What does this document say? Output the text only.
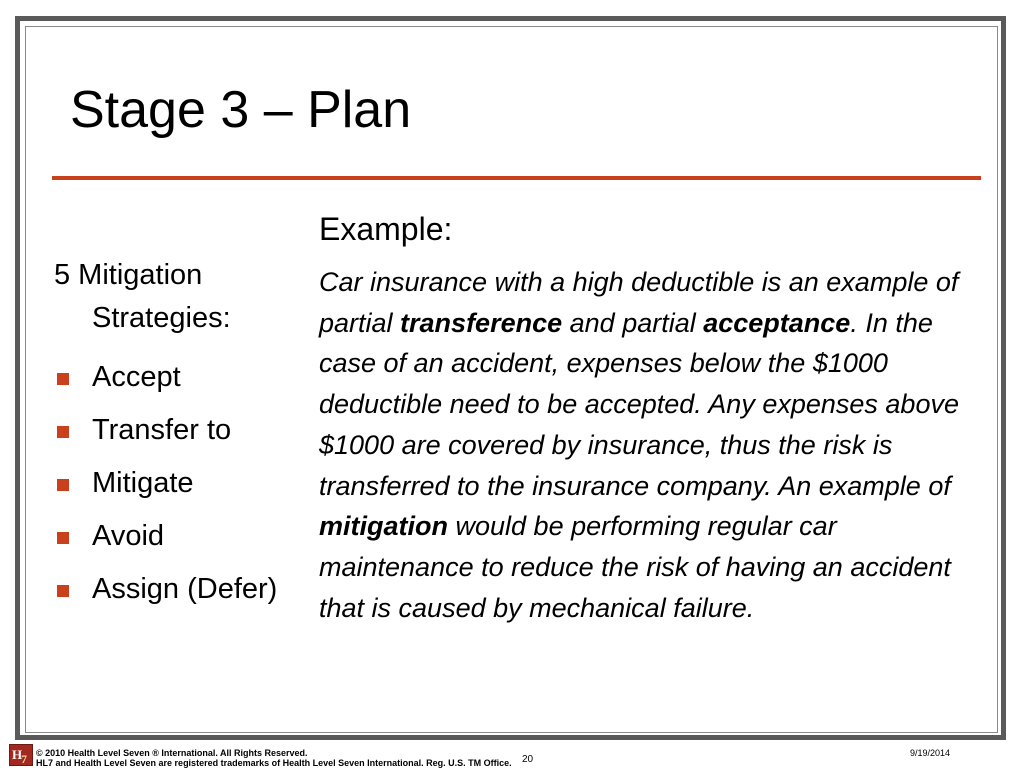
Stage 3 – Plan

5 Mitigation Strategies:

Accept
Transfer to
Mitigate
Avoid
Assign (Defer)

Example:

Car insurance with a high deductible is an example of partial transference and partial acceptance. In the case of an accident, expenses below the $1000 deductible need to be accepted. Any expenses above $1000 are covered by insurance, thus the risk is transferred to the insurance company. An example of mitigation would be performing regular car maintenance to reduce the risk of having an accident that is caused by mechanical failure.

H
7 © 2010 Health Level Seven ® International. All Rights Reserved.
HL7 and Health Level Seven are registered trademarks of Health Level Seven International. Reg. U.S. TM Office. 20
9/19/2014
